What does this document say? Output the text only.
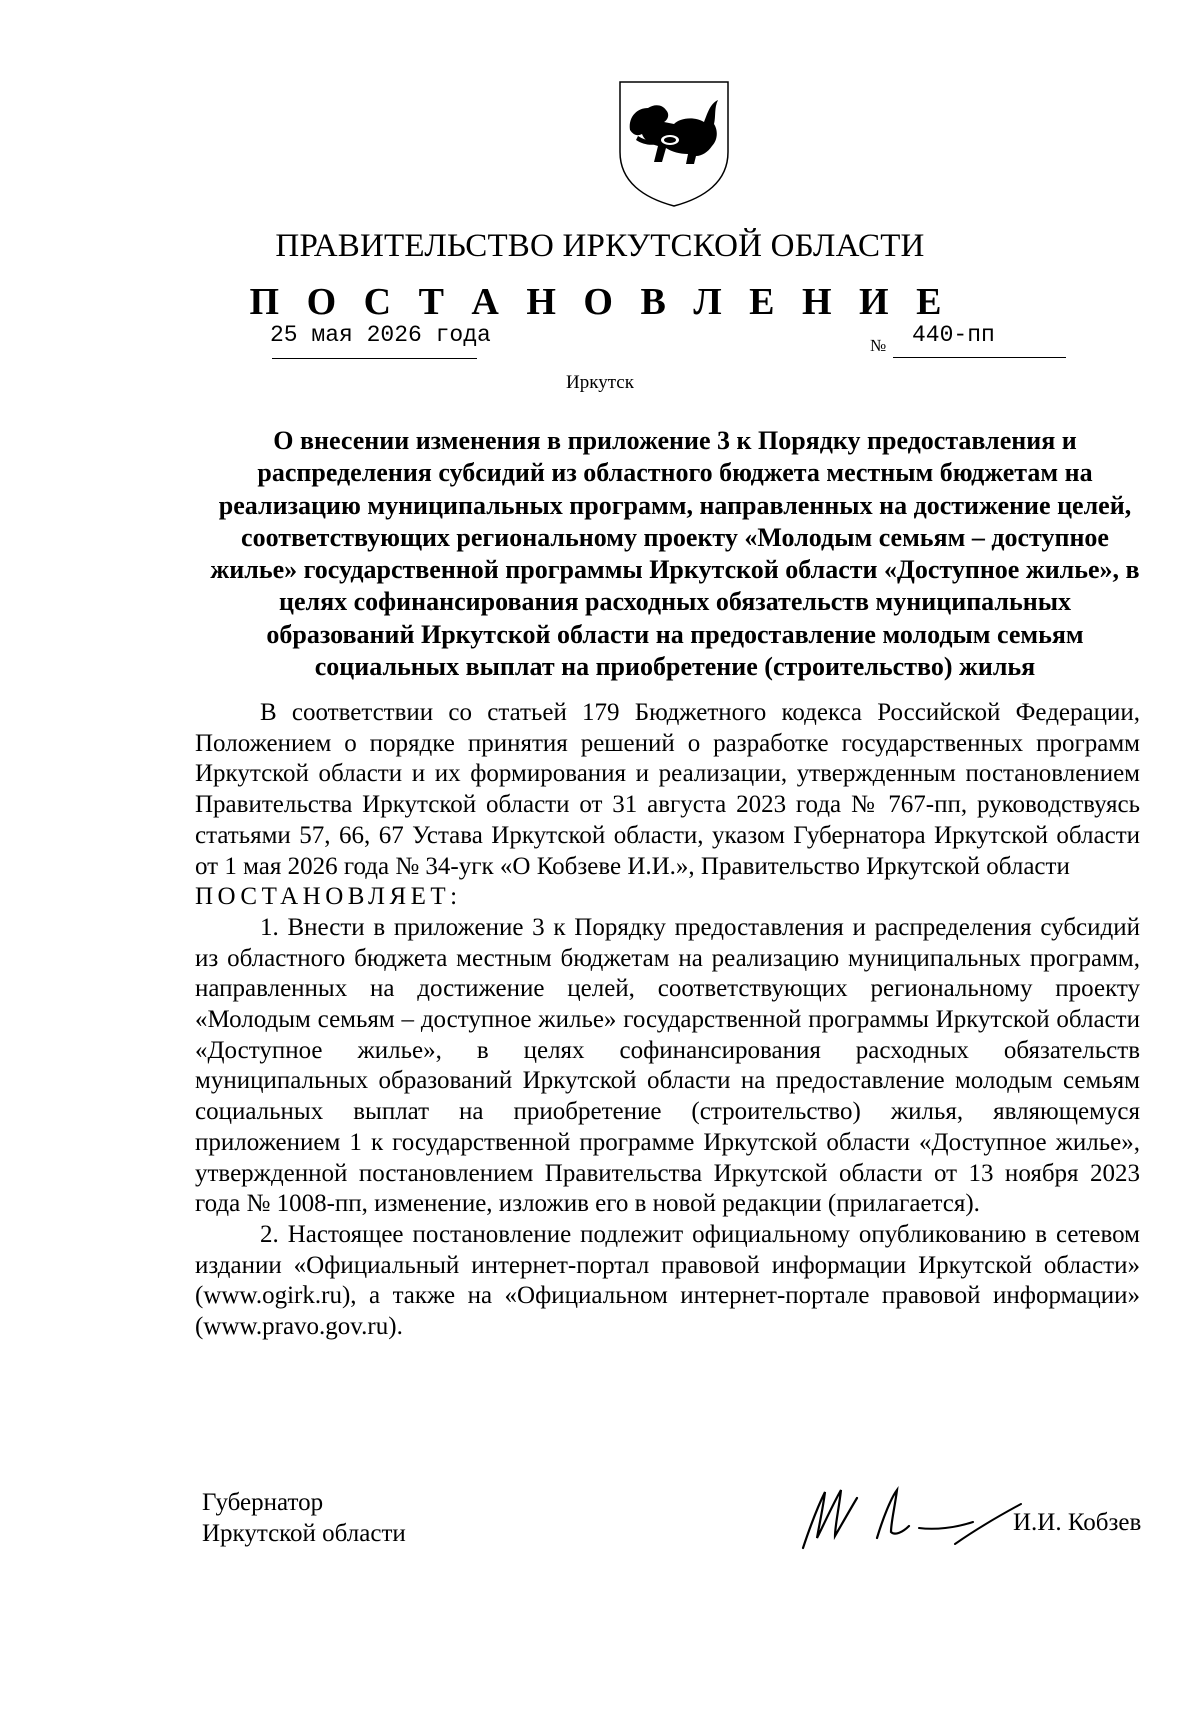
ПРАВИТЕЛЬСТВО ИРКУТСКОЙ ОБЛАСТИ
П О С Т А Н О В Л Е Н И Е
25 мая 2026 года	№ 440-пп
Иркутск
О внесении изменения в приложение 3 к Порядку предоставления и распределения субсидий из областного бюджета местным бюджетам на реализацию муниципальных программ, направленных на достижение целей, соответствующих региональному проекту «Молодым семьям – доступное жилье» государственной программы Иркутской области «Доступное жилье», в целях софинансирования расходных обязательств муниципальных образований Иркутской области на предоставление молодым семьям социальных выплат на приобретение (строительство) жилья

В соответствии со статьей 179 Бюджетного кодекса Российской Федерации, Положением о порядке принятия решений о разработке государственных программ Иркутской области и их формирования и реализации, утвержденным постановлением Правительства Иркутской области от 31 августа 2023 года № 767-пп, руководствуясь статьями 57, 66, 67 Устава Иркутской области, указом Губернатора Иркутской области от 1 мая 2026 года № 34-угк «О Кобзеве И.И.», Правительство Иркутской области

ПОСТАНОВЛЯЕТ:

1. Внести в приложение 3 к Порядку предоставления и распределения субсидий из областного бюджета местным бюджетам на реализацию муниципальных программ, направленных на достижение целей, соответствующих региональному проекту «Молодым семьям – доступное жилье» государственной программы Иркутской области «Доступное жилье», в целях софинансирования расходных обязательств муниципальных образований Иркутской области на предоставление молодым семьям социальных выплат на приобретение (строительство) жилья, являющемуся приложением 1 к государственной программе Иркутской области «Доступное жилье», утвержденной постановлением Правительства Иркутской области от 13 ноября 2023 года № 1008-пп, изменение, изложив его в новой редакции (прилагается).

2. Настоящее постановление подлежит официальному опубликованию в сетевом издании «Официальный интернет-портал правовой информации Иркутской области» (www.ogirk.ru), а также на «Официальном интернет-портале правовой информации» (www.pravo.gov.ru).

Губернатор
Иркутской области	И.И. Кобзев
